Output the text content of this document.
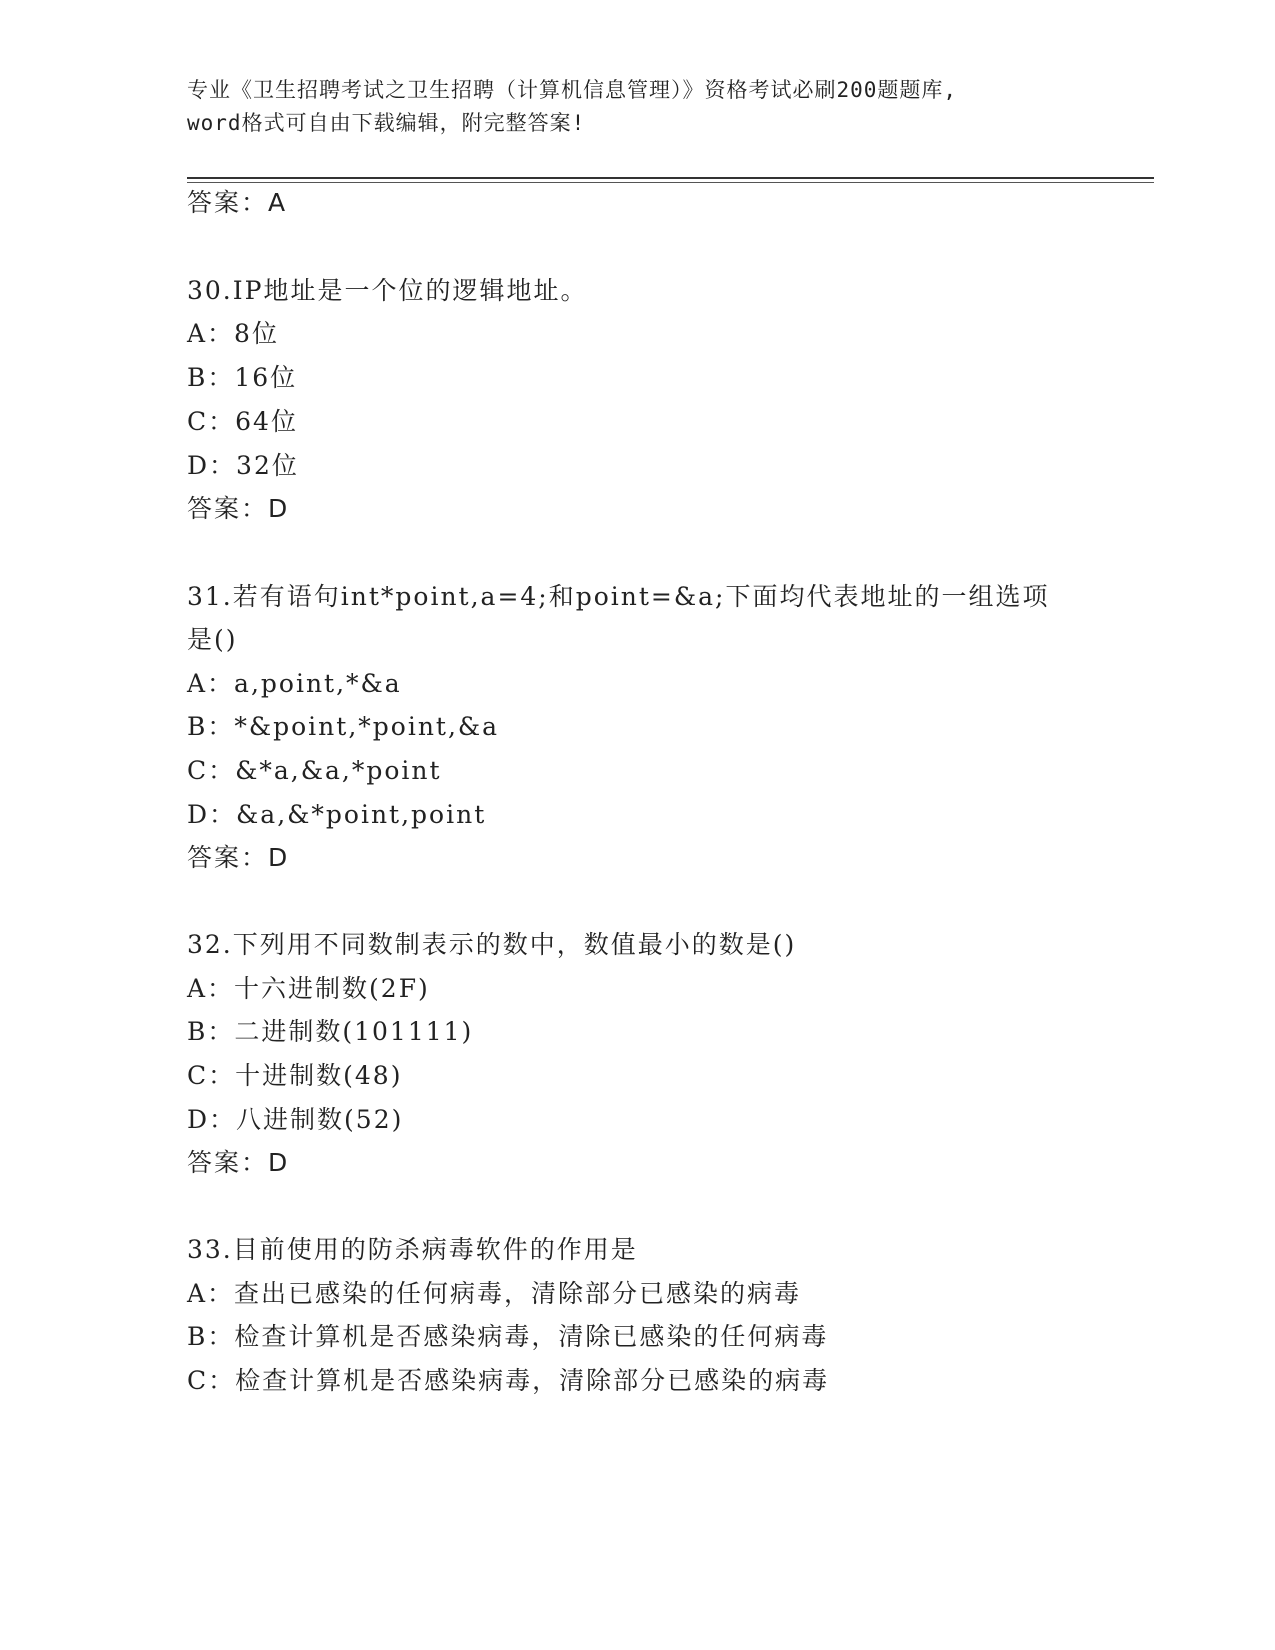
专业《卫生招聘考试之卫生招聘（计算机信息管理）》资格考试必刷200题题库,
word格式可自由下载编辑，附完整答案!
答案：A
30.IP地址是一个位的逻辑地址。
A：8位
B：16位
C：64位
D：32位
答案：D
31.若有语句int*point,a=4;和point=&a;下面均代表地址的一组选项
是()
A：a,point,*&a
B：*&point,*point,&a
C：&*a,&a,*point
D：&a,&*point,point
答案：D
32.下列用不同数制表示的数中，数值最小的数是()
A：十六进制数(2F)
B：二进制数(101111)
C：十进制数(48)
D：八进制数(52)
答案：D
33.目前使用的防杀病毒软件的作用是
A：查出已感染的任何病毒，清除部分已感染的病毒
B：检查计算机是否感染病毒，清除已感染的任何病毒
C：检查计算机是否感染病毒，清除部分已感染的病毒
